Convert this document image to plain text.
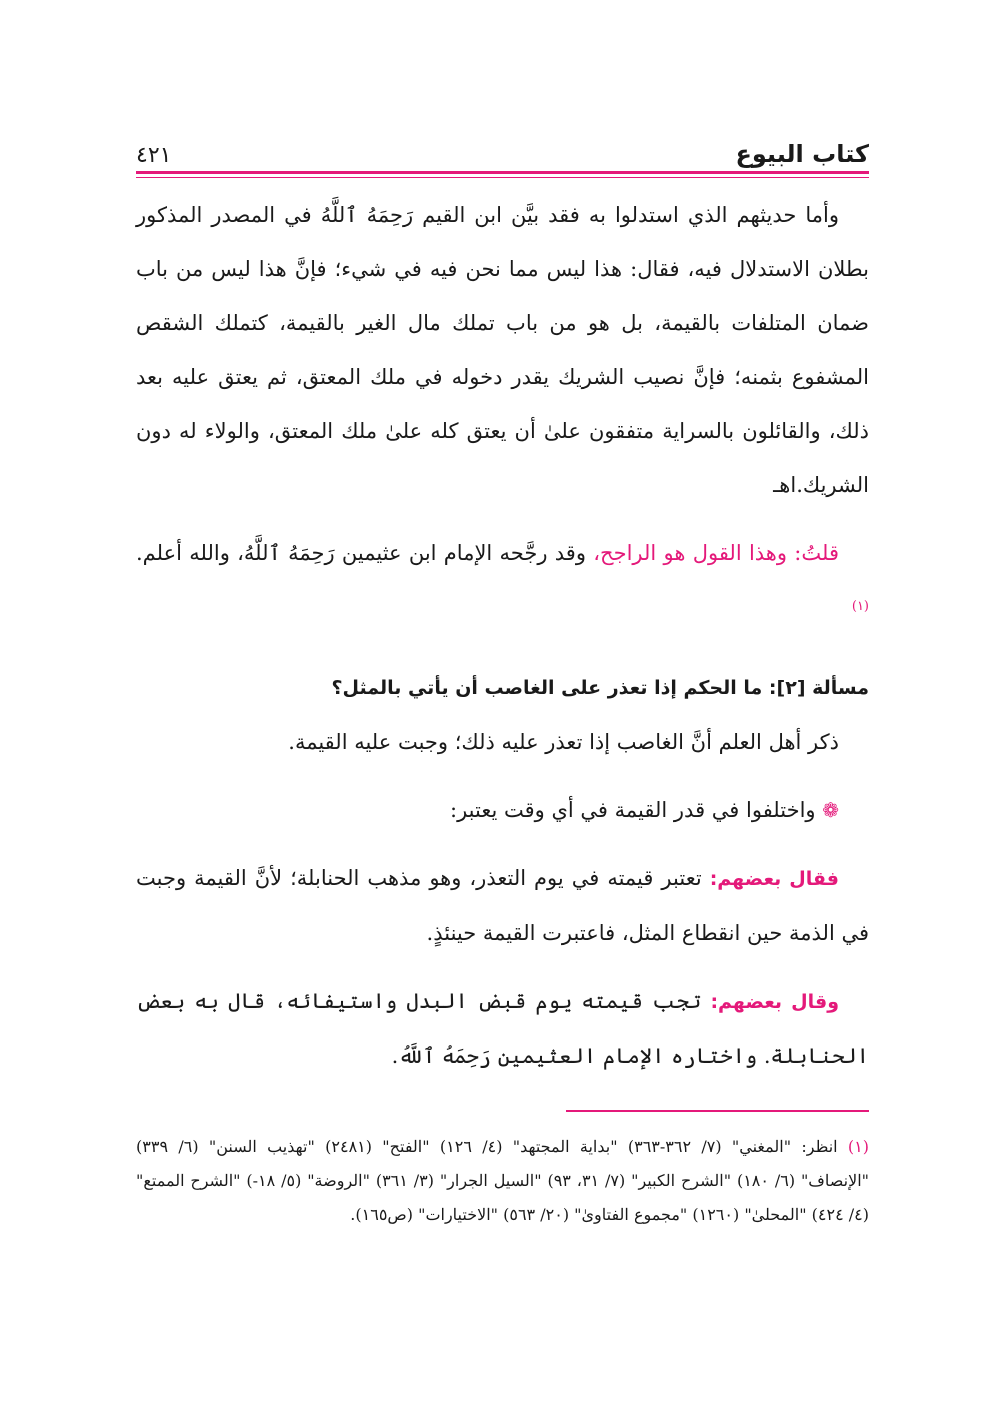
٤٢١	كتاب البيوع

وأما حديثهم الذي استدلوا به فقد بيَّن ابن القيم رَحِمَهُ ٱللَّهُ في المصدر المذكور بطلان الاستدلال فيه، فقال: هذا ليس مما نحن فيه في شيء؛ فإنَّ هذا ليس من باب ضمان المتلفات بالقيمة، بل هو من باب تملك مال الغير بالقيمة، كتملك الشقص المشفوع بثمنه؛ فإنَّ نصيب الشريك يقدر دخوله في ملك المعتق، ثم يعتق عليه بعد ذلك، والقائلون بالسراية متفقون علىٰ أن يعتق كله علىٰ ملك المعتق، والولاء له دون الشريك.اهـ

قلتُ: وهذا القول هو الراجح، وقد رجَّحه الإمام ابن عثيمين رَحِمَهُ ٱللَّهُ، والله أعلم.$^{(١)}$

مسألة [٢]: ما الحكم إذا تعذر على الغاصب أن يأتي بالمثل؟

ذكر أهل العلم أنَّ الغاصب إذا تعذر عليه ذلك؛ وجبت عليه القيمة.

❁ واختلفوا في قدر القيمة في أي وقت يعتبر:

فقال بعضهم: تعتبر قيمته في يوم التعذر، وهو مذهب الحنابلة؛ لأنَّ القيمة وجبت في الذمة حين انقطاع المثل، فاعتبرت القيمة حينئذٍ.

وقال بعضهم: تجب قيمته يوم قبض البدل واستيفائه، قال به بعض الحنابلة. واختاره الإمام العثيمين رَحِمَهُ ٱللَّهُ.

(١) انظر: "المغني" (٧/ ٣٦٢-٣٦٣) "بداية المجتهد" (٤/ ١٢٦) "الفتح" (٢٤٨١) "تهذيب السنن" (٦/ ٣٣٩) "الإنصاف" (٦/ ١٨٠) "الشرح الكبير" (٧/ ٣١، ٩٣) "السيل الجرار" (٣/ ٣٦١) "الروضة" (٥/ ١٨-) "الشرح الممتع" (٤/ ٤٢٤) "المحلىٰ" (١٢٦٠) "مجموع الفتاوىٰ" (٢٠/ ٥٦٣) "الاختيارات" (ص١٦٥).
